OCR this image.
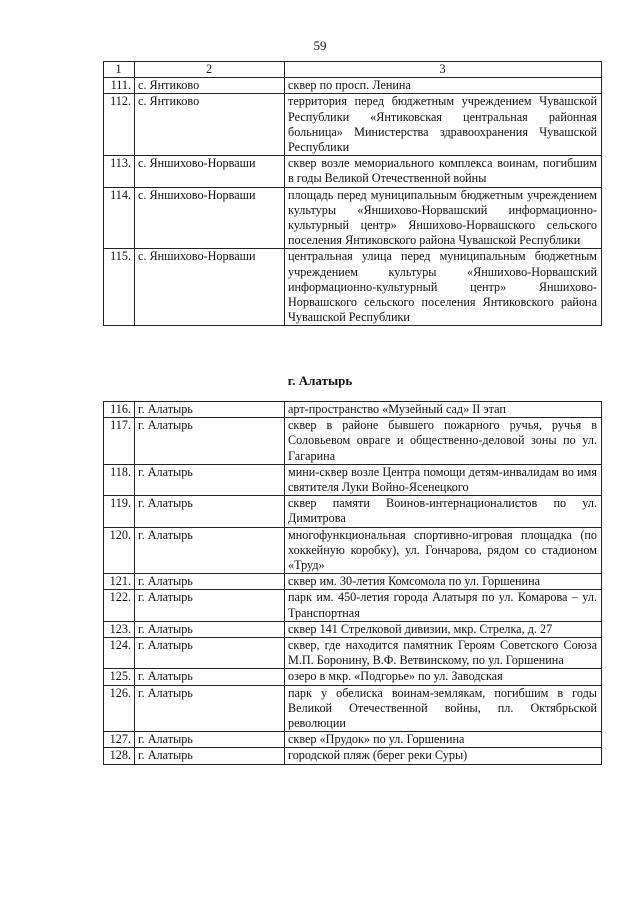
59
1	2	3
111.	с. Янтиково	сквер по просп. Ленина
112.	с. Янтиково	территория перед бюджетным учреждением Чувашской Республики «Янтиковская центральная районная больница» Министерства здравоохранения Чувашской Республики
113.	с. Яншихово-Норваши	сквер возле мемориального комплекса воинам, погибшим в годы Великой Отечественной войны
114.	с. Яншихово-Норваши	площадь перед муниципальным бюджетным учреждением культуры «Яншихово-Норвашский информационно-культурный центр» Яншихово-Норвашского сельского поселения Янтиковского района Чувашской Республики
115.	с. Яншихово-Норваши	центральная улица перед муниципальным бюджетным учреждением культуры «Яншихово-Норвашский информационно-культурный центр» Яншихово-Норвашского сельского поселения Янтиковского района Чувашской Республики
г. Алатырь
116.	г. Алатырь	арт-пространство «Музейный сад» II этап
117.	г. Алатырь	сквер в районе бывшего пожарного ручья, ручья в Соловьевом овраге и общественно-деловой зоны по ул. Гагарина
118.	г. Алатырь	мини-сквер возле Центра помощи детям-инвалидам во имя святителя Луки Войно-Ясенецкого
119.	г. Алатырь	сквер памяти Воинов-интернационалистов по ул. Димитрова
120.	г. Алатырь	многофункциональная спортивно-игровая площадка (по хоккейную коробку), ул. Гончарова, рядом со стадионом «Труд»
121.	г. Алатырь	сквер им. 30-летия Комсомола по ул. Горшенина
122.	г. Алатырь	парк им. 450-летия города Алатыря по ул. Комарова – ул. Транспортная
123.	г. Алатырь	сквер 141 Стрелковой дивизии, мкр. Стрелка, д. 27
124.	г. Алатырь	сквер, где находится памятник Героям Советского Союза М.П. Боронину, В.Ф. Ветвинскому, по ул. Горшенина
125.	г. Алатырь	озеро в мкр. «Подгорье» по ул. Заводская
126.	г. Алатырь	парк у обелиска воинам-землякам, погибшим в годы Великой Отечественной войны, пл. Октябрьской революции
127.	г. Алатырь	сквер «Прудок» по ул. Горшенина
128.	г. Алатырь	городской пляж (берег реки Суры)
